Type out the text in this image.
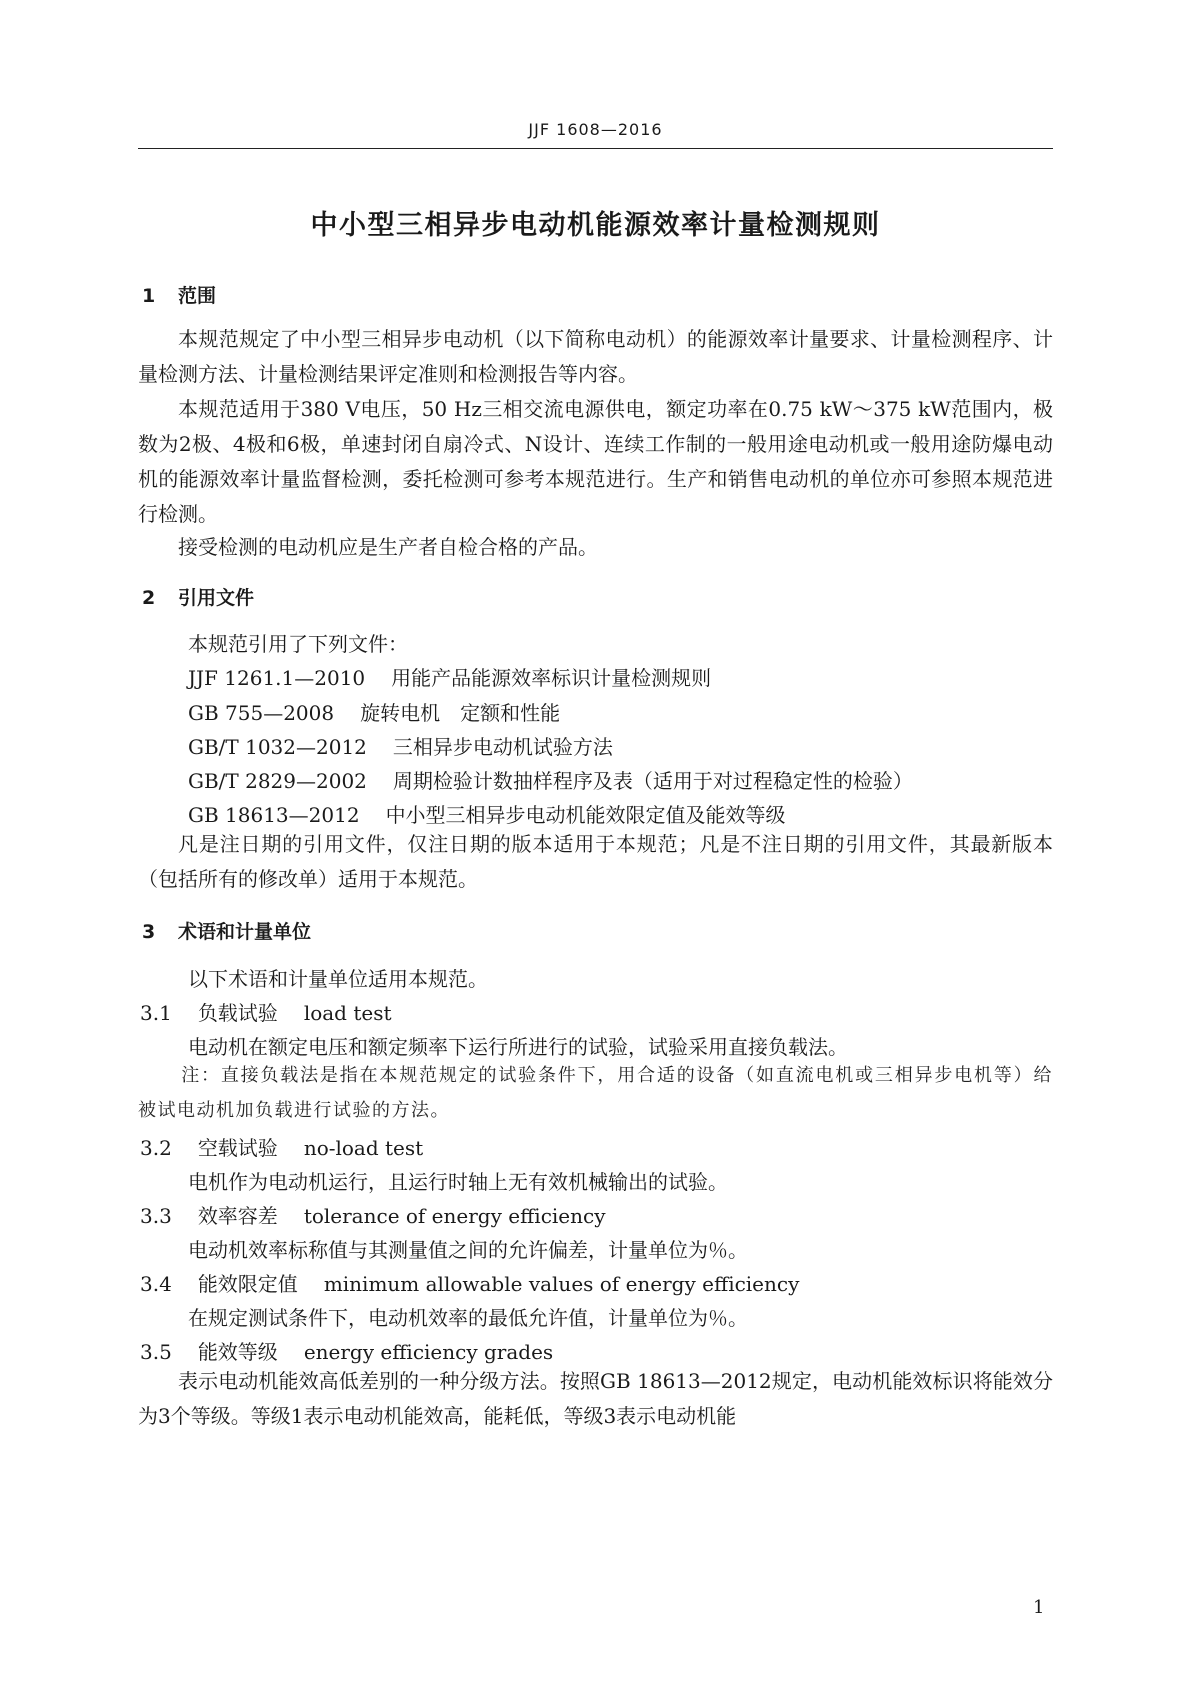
JJF 1608—2016
中小型三相异步电动机能源效率计量检测规则
1 范围
本规范规定了中小型三相异步电动机（以下简称电动机）的能源效率计量要求、计量检测程序、计量检测方法、计量检测结果评定准则和检测报告等内容。
本规范适用于380 V电压，50 Hz三相交流电源供电，额定功率在0.75 kW～375 kW范围内，极数为2极、4极和6极，单速封闭自扇冷式、N设计、连续工作制的一般用途电动机或一般用途防爆电动机的能源效率计量监督检测，委托检测可参考本规范进行。生产和销售电动机的单位亦可参照本规范进行检测。
接受检测的电动机应是生产者自检合格的产品。
2 引用文件
本规范引用了下列文件：
JJF 1261.1—2010 用能产品能源效率标识计量检测规则
GB 755—2008 旋转电机　定额和性能
GB/T 1032—2012 三相异步电动机试验方法
GB/T 2829—2002 周期检验计数抽样程序及表（适用于对过程稳定性的检验）
GB 18613—2012 中小型三相异步电动机能效限定值及能效等级
凡是注日期的引用文件，仅注日期的版本适用于本规范；凡是不注日期的引用文件，其最新版本（包括所有的修改单）适用于本规范。
3 术语和计量单位
以下术语和计量单位适用本规范。
3.1 负载试验 load test
电动机在额定电压和额定频率下运行所进行的试验，试验采用直接负载法。
注：直接负载法是指在本规范规定的试验条件下，用合适的设备（如直流电机或三相异步电机等）给被试电动机加负载进行试验的方法。
3.2 空载试验 no-load test
电机作为电动机运行，且运行时轴上无有效机械输出的试验。
3.3 效率容差 tolerance of energy efficiency
电动机效率标称值与其测量值之间的允许偏差，计量单位为％。
3.4 能效限定值 minimum allowable values of energy efficiency
在规定测试条件下，电动机效率的最低允许值，计量单位为％。
3.5 能效等级 energy efficiency grades
表示电动机能效高低差别的一种分级方法。按照GB 18613—2012规定，电动机能效标识将能效分为3个等级。等级1表示电动机能效高，能耗低，等级3表示电动机能
1
